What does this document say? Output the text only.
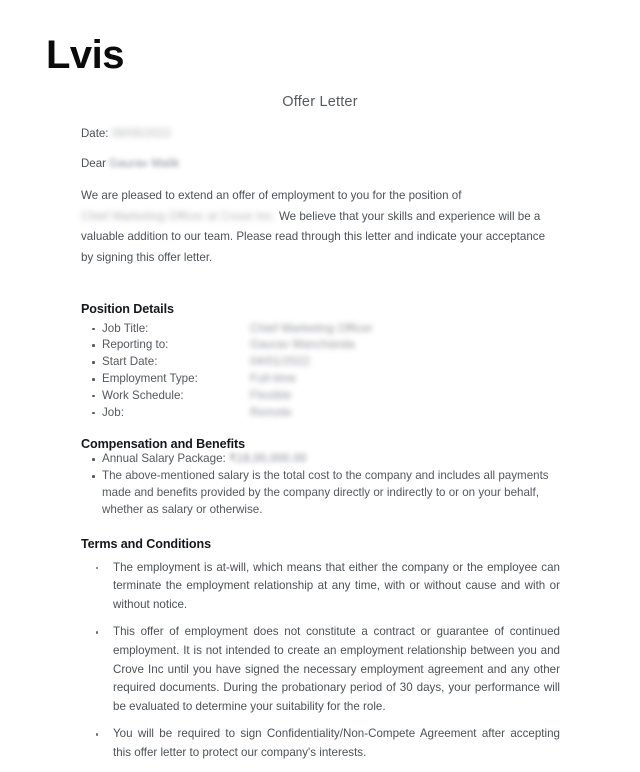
Lvis
Offer Letter
Date: 09/05/2022
Dear Gaurav Malik

We are pleased to extend an offer of employment to you for the position of Chief Marketing Officer at Crove Inc. We believe that your skills and experience will be a valuable addition to our team. Please read through this letter and indicate your acceptance by signing this offer letter.

Position Details
Job Title:	Chief Marketing Officer
Reporting to:	Gaurav Manchanda
Start Date:	04/01/2022
Employment Type:	Full-time
Work Schedule:	Flexible
Job:	Remote
Compensation and Benefits
Annual Salary Package: ₹18,00,000.00
The above-mentioned salary is the total cost to the company and includes all payments made and benefits provided by the company directly or indirectly to or on your behalf, whether as salary or otherwise.
Terms and Conditions
The employment is at-will, which means that either the company or the employee can terminate the employment relationship at any time, with or without cause and with or without notice.
This offer of employment does not constitute a contract or guarantee of continued employment. It is not intended to create an employment relationship between you and Crove Inc until you have signed the necessary employment agreement and any other required documents. During the probationary period of 30 days, your performance will be evaluated to determine your suitability for the role.
You will be required to sign Confidentiality/Non-Compete Agreement after accepting this offer letter to protect our company's interests.
